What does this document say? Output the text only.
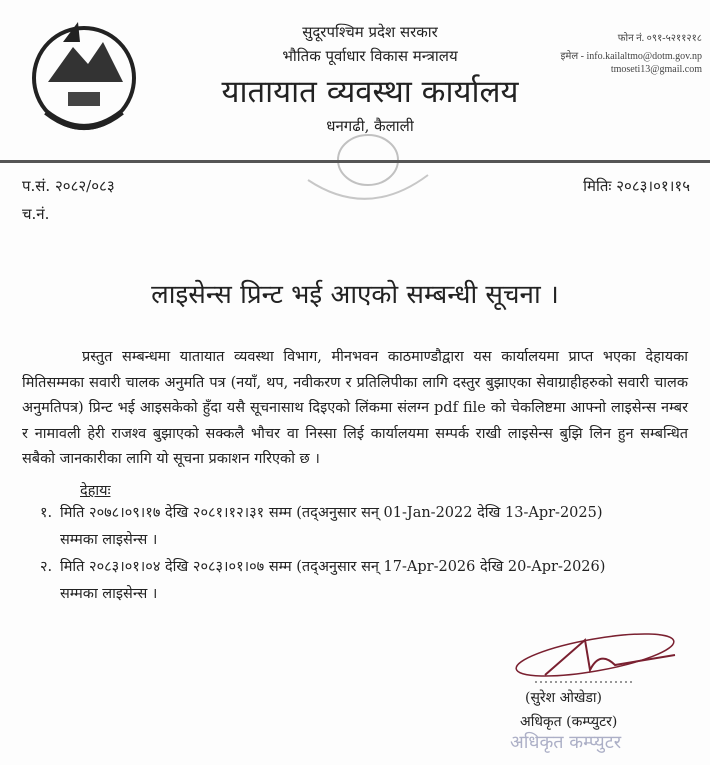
सुदूरपश्चिम प्रदेश सरकार
भौतिक पूर्वाधार विकास मन्त्रालय
यातायात व्यवस्था कार्यालय
धनगढी, कैलाली
फोन नं. ०९१-५२११२१८
इमेल - info.kailaltmo@dotm.gov.np
tmoseti13@gmail.com
प.सं. २०८२/०८३
च.नं.
मितिः २०८३।०१।१५
लाइसेन्स प्रिन्ट भई आएको सम्बन्धी सूचना ।
प्रस्तुत सम्बन्धमा यातायात व्यवस्था विभाग, मीनभवन काठमाण्डौद्वारा यस कार्यालयमा प्राप्त भएका देहायका मितिसम्मका सवारी चालक अनुमति पत्र (नयाँ, थप, नवीकरण र प्रतिलिपीका लागि दस्तुर बुझाएका सेवाग्राहीहरुको सवारी चालक अनुमतिपत्र) प्रिन्ट भई आइसकेको हुँदा यसै सूचनासाथ दिइएको लिंकमा संलग्न pdf file को चेकलिष्टमा आफ्नो लाइसेन्स नम्बर र नामावली हेरी राजश्व बुझाएको सक्कलै भौचर वा निस्सा लिई कार्यालयमा सम्पर्क राखी लाइसेन्स बुझि लिन हुन सम्बन्धित सबैको जानकारीका लागि यो सूचना प्रकाशन गरिएको छ ।
देहायः
१. मिति २०७८।०९।१७ देखि २०८१।१२।३१ सम्म (तद्अनुसार सन् 01-Jan-2022 देखि 13-Apr-2025)
सम्मका लाइसेन्स ।
२. मिति २०८३।०१।०४ देखि २०८३।०१।०७ सम्म (तद्अनुसार सन् 17-Apr-2026 देखि 20-Apr-2026)
सम्मका लाइसेन्स ।
(सुरेश ओखेडा)
अधिकृत (कम्प्युटर)
अधिकृत कम्प्युटर
